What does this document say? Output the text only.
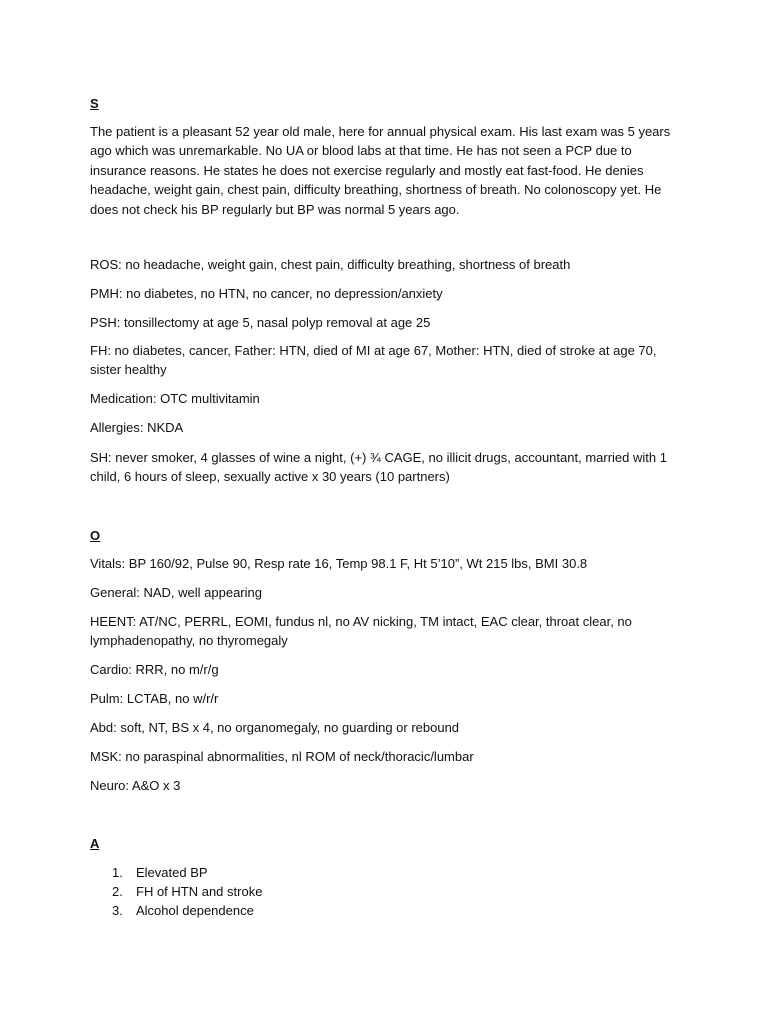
S

The patient is a pleasant 52 year old male, here for annual physical exam. His last exam was 5 years ago which was unremarkable. No UA or blood labs at that time. He has not seen a PCP due to insurance reasons. He states he does not exercise regularly and mostly eat fast-food. He denies headache, weight gain, chest pain, difficulty breathing, shortness of breath. No colonoscopy yet. He does not check his BP regularly but BP was normal 5 years ago.

ROS: no headache, weight gain, chest pain, difficulty breathing, shortness of breath
PMH: no diabetes, no HTN, no cancer, no depression/anxiety
PSH: tonsillectomy at age 5, nasal polyp removal at age 25
FH: no diabetes, cancer, Father: HTN, died of MI at age 67, Mother: HTN, died of stroke at age 70, sister healthy
Medication: OTC multivitamin
Allergies: NKDA
SH: never smoker, 4 glasses of wine a night, (+) ¾ CAGE, no illicit drugs, accountant, married with 1 child, 6 hours of sleep, sexually active x 30 years (10 partners)
O
Vitals: BP 160/92, Pulse 90, Resp rate 16, Temp 98.1 F, Ht 5’10”, Wt 215 lbs, BMI 30.8
General: NAD, well appearing
HEENT: AT/NC, PERRL, EOMI, fundus nl, no AV nicking, TM intact, EAC clear, throat clear, no lymphadenopathy, no thyromegaly
Cardio: RRR, no m/r/g
Pulm: LCTAB, no w/r/r
Abd: soft, NT, BS x 4, no organomegaly, no guarding or rebound
MSK: no paraspinal abnormalities, nl ROM of neck/thoracic/lumbar
Neuro: A&O x 3
A
1. Elevated BP
2. FH of HTN and stroke
3. Alcohol dependence
